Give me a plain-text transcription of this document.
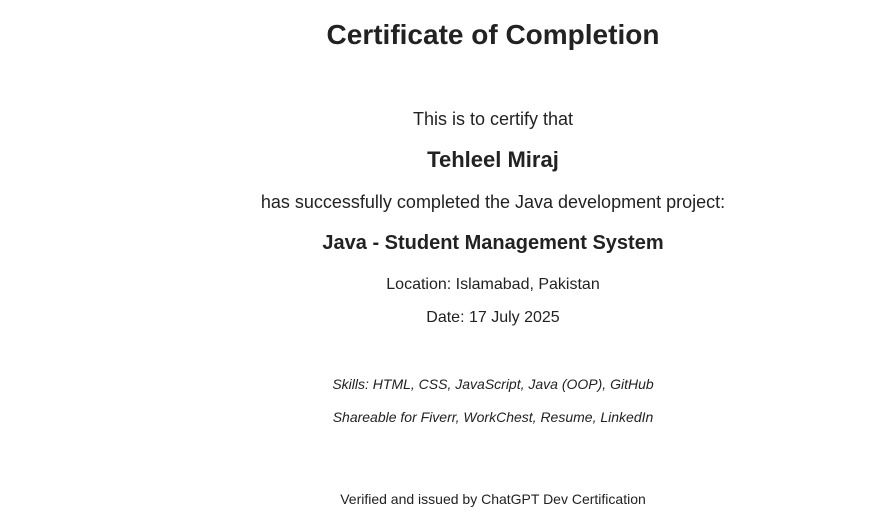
Certificate of Completion
This is to certify that
Tehleel Miraj
has successfully completed the Java development project:
Java - Student Management System
Location: Islamabad, Pakistan
Date: 17 July 2025
Skills: HTML, CSS, JavaScript, Java (OOP), GitHub
Shareable for Fiverr, WorkChest, Resume, LinkedIn
Verified and issued by ChatGPT Dev Certification
